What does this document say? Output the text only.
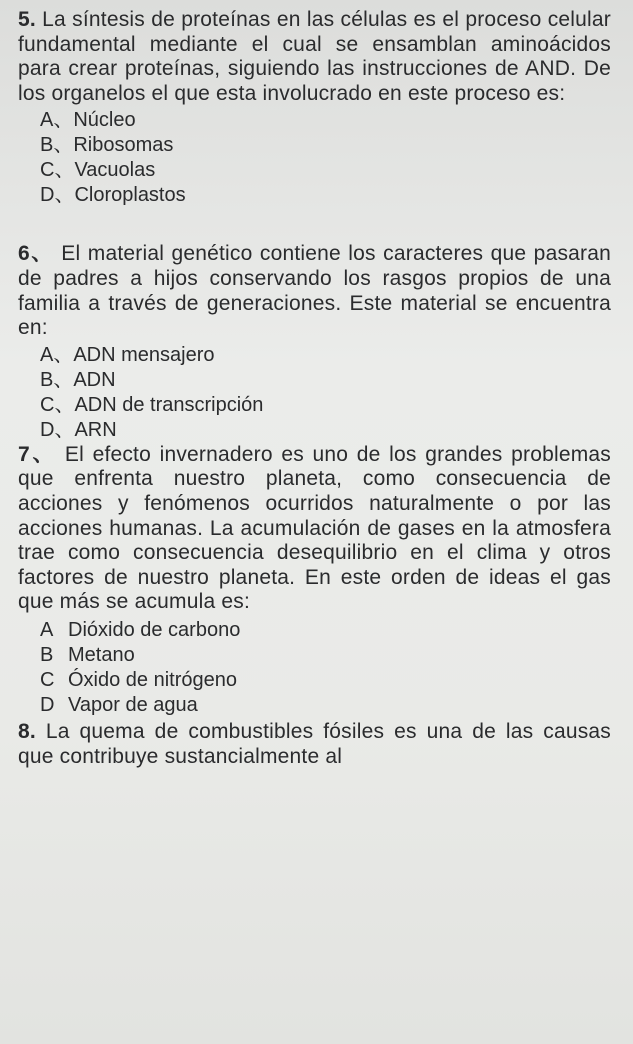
5. La síntesis de proteínas en las células es el proceso celular fundamental mediante el cual se ensamblan aminoácidos para crear proteínas, siguiendo las instrucciones de AND. De los organelos el que esta involucrado en este proceso es:

A、Núcleo
B、Ribosomas
C、Vacuolas
D、Cloroplastos

6、 El material genético contiene los caracteres que pasaran de padres a hijos conservando los rasgos propios de una familia a través de generaciones. Este material se encuentra en:

A、ADN mensajero
B、ADN
C、ADN de transcripción
D、ARN

7、 El efecto invernadero es uno de los grandes problemas que enfrenta nuestro planeta, como consecuencia de acciones y fenómenos ocurridos naturalmente o por las acciones humanas. La acumulación de gases en la atmosfera trae como consecuencia desequilibrio en el clima y otros factores de nuestro planeta. En este orden de ideas el gas que más se acumula es:

A Dióxido de carbono
B Metano
C Óxido de nitrógeno
D Vapor de agua

8. La quema de combustibles fósiles es una de las causas que contribuye sustancialmente al
